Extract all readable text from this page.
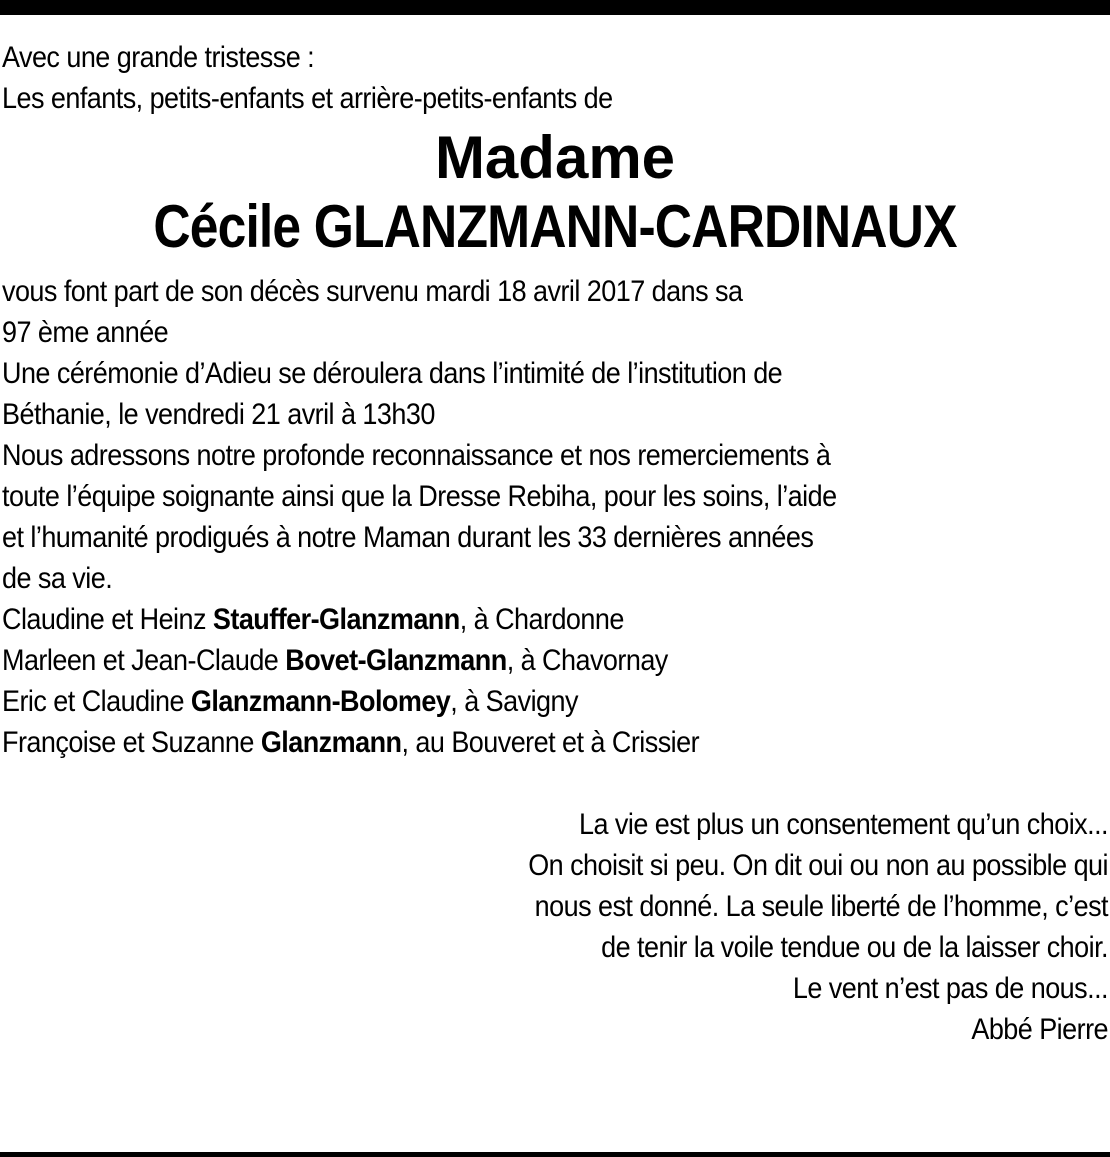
Avec une grande tristesse :
Les enfants, petits-enfants et arrière-petits-enfants de
Madame
Cécile GLANZMANN-CARDINAUX
vous font part de son décès survenu mardi 18 avril 2017 dans sa
97 ème année
Une cérémonie d’Adieu se déroulera dans l’intimité de l’institution de
Béthanie, le vendredi 21 avril à 13h30
Nous adressons notre profonde reconnaissance et nos remerciements à
toute l’équipe soignante ainsi que la Dresse Rebiha, pour les soins, l’aide
et l’humanité prodigués à notre Maman durant les 33 dernières années
de sa vie.
Claudine et Heinz Stauffer-Glanzmann, à Chardonne
Marleen et Jean-Claude Bovet-Glanzmann, à Chavornay
Eric et Claudine Glanzmann-Bolomey, à Savigny
Françoise et Suzanne Glanzmann, au Bouveret et à Crissier
La vie est plus un consentement qu’un choix...
On choisit si peu. On dit oui ou non au possible qui
nous est donné. La seule liberté de l’homme, c’est
de tenir la voile tendue ou de la laisser choir.
Le vent n’est pas de nous...
Abbé Pierre
